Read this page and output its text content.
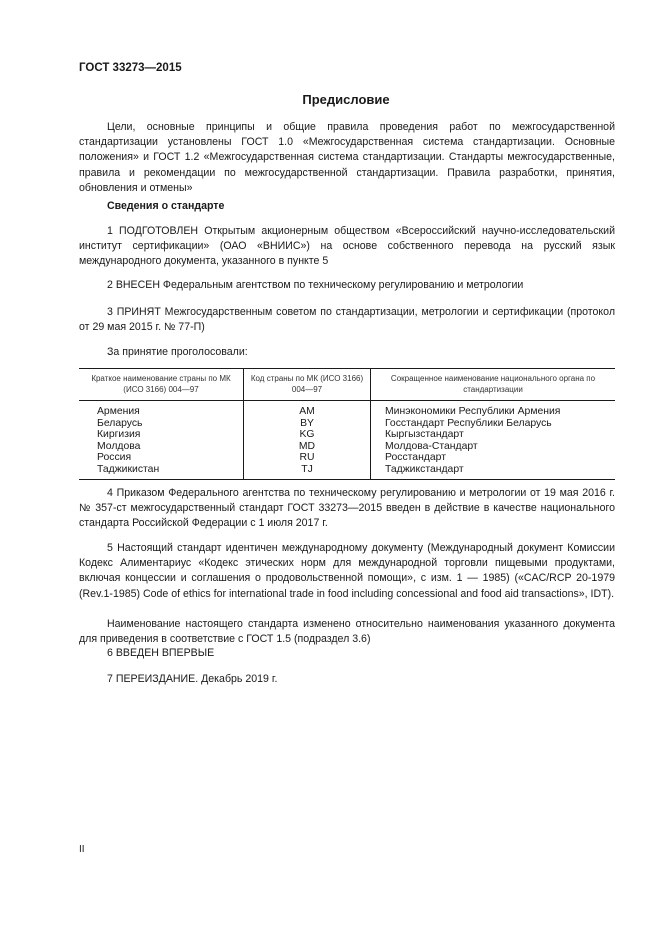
ГОСТ 33273—2015
Предисловие
Цели, основные принципы и общие правила проведения работ по межгосударственной стандартизации установлены ГОСТ 1.0 «Межгосударственная система стандартизации. Основные положения» и ГОСТ 1.2 «Межгосударственная система стандартизации. Стандарты межгосударственные, правила и рекомендации по межгосударственной стандартизации. Правила разработки, принятия, обновления и отмены»
Сведения о стандарте
1 ПОДГОТОВЛЕН Открытым акционерным обществом «Всероссийский научно-исследовательский институт сертификации» (ОАО «ВНИИС») на основе собственного перевода на русский язык международного документа, указанного в пункте 5
2 ВНЕСЕН Федеральным агентством по техническому регулированию и метрологии
3 ПРИНЯТ Межгосударственным советом по стандартизации, метрологии и сертификации (протокол от 29 мая 2015 г. № 77-П)
За принятие проголосовали:
Краткое наименование страны по МК (ИСО 3166) 004—97	Код страны по МК (ИСО 3166) 004—97	Сокращенное наименование национального органа по стандартизации
Армения	AM	Минэкономики Республики Армения
Беларусь	BY	Госстандарт Республики Беларусь
Киргизия	KG	Кыргызстандарт
Молдова	MD	Молдова-Стандарт
Россия	RU	Росстандарт
Таджикистан	TJ	Таджикстандарт
4 Приказом Федерального агентства по техническому регулированию и метрологии от 19 мая 2016 г. № 357-ст межгосударственный стандарт ГОСТ 33273—2015 введен в действие в качестве национального стандарта Российской Федерации с 1 июля 2017 г.
5 Настоящий стандарт идентичен международному документу (Международный документ Комиссии Кодекс Алиментариус «Кодекс этических норм для международной торговли пищевыми продуктами, включая концессии и соглашения о продовольственной помощи», с изм. 1 — 1985) («CAC/RCP 20-1979 (Rev.1-1985) Code of ethics for international trade in food including concessional and food aid transactions», IDT).
Наименование настоящего стандарта изменено относительно наименования указанного документа для приведения в соответствие с ГОСТ 1.5 (подраздел 3.6)
6 ВВЕДЕН ВПЕРВЫЕ
7 ПЕРЕИЗДАНИЕ. Декабрь 2019 г.
II
